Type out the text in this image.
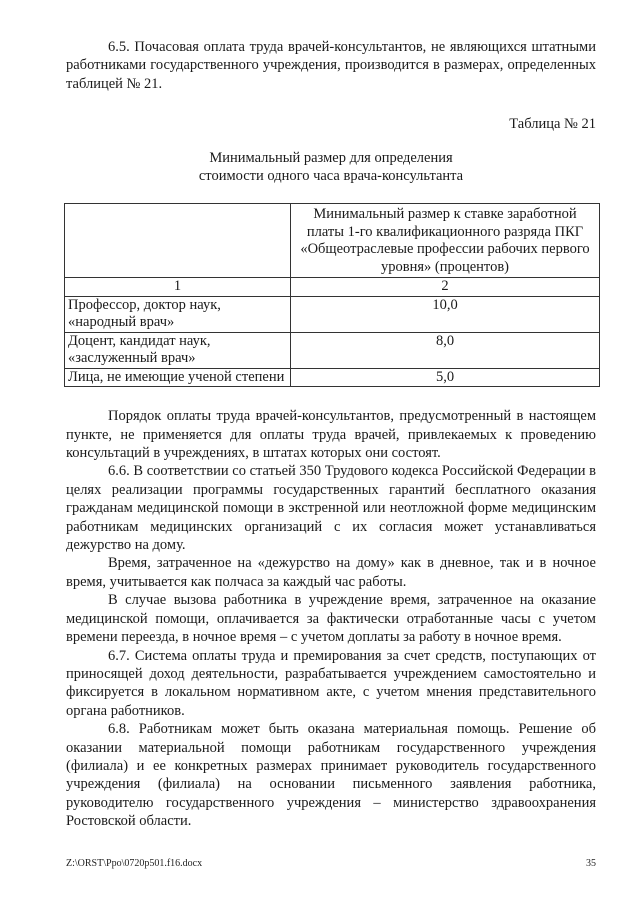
6.5. Почасовая оплата труда врачей-консультантов, не являющихся штатными работниками государственного учреждения, производится в размерах, определенных таблицей № 21.

Таблица № 21
Минимальный размер для определения
стоимости одного часа врача-консультанта
	Минимальный размер к ставке заработной платы 1-го квалификационного разряда ПКГ «Общеотраслевые профессии рабочих первого уровня» (процентов)
1	2
Профессор, доктор наук, «народный врач»	10,0
Доцент, кандидат наук, «заслуженный врач»	8,0
Лица, не имеющие ученой степени	5,0

Порядок оплаты труда врачей-консультантов, предусмотренный в настоящем пункте, не применяется для оплаты труда врачей, привлекаемых к проведению консультаций в учреждениях, в штатах которых они состоят.

6.6. В соответствии со статьей 350 Трудового кодекса Российской Федерации в целях реализации программы государственных гарантий бесплатного оказания гражданам медицинской помощи в экстренной или неотложной форме медицинским работникам медицинских организаций с их согласия может устанавливаться дежурство на дому.

Время, затраченное на «дежурство на дому» как в дневное, так и в ночное время, учитывается как полчаса за каждый час работы.

В случае вызова работника в учреждение время, затраченное на оказание медицинской помощи, оплачивается за фактически отработанные часы с учетом времени переезда, в ночное время – с учетом доплаты за работу в ночное время.

6.7. Система оплаты труда и премирования за счет средств, поступающих от приносящей доход деятельности, разрабатывается учреждением самостоятельно и фиксируется в локальном нормативном акте, с учетом мнения представительного органа работников.

6.8. Работникам может быть оказана материальная помощь. Решение об оказании материальной помощи работникам государственного учреждения (филиала) и ее конкретных размерах принимает руководитель государственного учреждения (филиала) на основании письменного заявления работника, руководителю государственного учреждения – министерство здравоохранения Ростовской области.

Z:\ORST\Ppo\0720p501.f16.docx	35
